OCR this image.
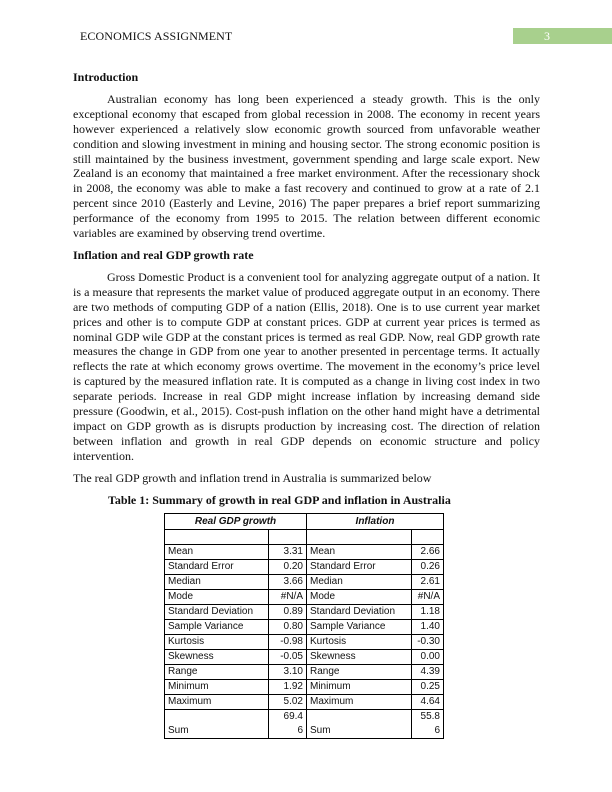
ECONOMICS ASSIGNMENT	3
Introduction

Australian economy has long been experienced a steady growth. This is the only exceptional economy that escaped from global recession in 2008. The economy in recent years however experienced a relatively slow economic growth sourced from unfavorable weather condition and slowing investment in mining and housing sector. The strong economic position is still maintained by the business investment, government spending and large scale export. New Zealand is an economy that maintained a free market environment. After the recessionary shock in 2008, the economy was able to make a fast recovery and continued to grow at a rate of 2.1 percent since 2010 (Easterly and Levine, 2016) The paper prepares a brief report summarizing performance of the economy from 1995 to 2015. The relation between different economic variables are examined by observing trend overtime.

Inflation and real GDP growth rate

Gross Domestic Product is a convenient tool for analyzing aggregate output of a nation. It is a measure that represents the market value of produced aggregate output in an economy. There are two methods of computing GDP of a nation (Ellis, 2018). One is to use current year market prices and other is to compute GDP at constant prices. GDP at current year prices is termed as nominal GDP wile GDP at the constant prices is termed as real GDP. Now, real GDP growth rate measures the change in GDP from one year to another presented in percentage terms. It actually reflects the rate at which economy grows overtime. The movement in the economy’s price level is captured by the measured inflation rate. It is computed as a change in living cost index in two separate periods. Increase in real GDP might increase inflation by increasing demand side pressure (Goodwin, et al., 2015). Cost-push inflation on the other hand might have a detrimental impact on GDP growth as is disrupts production by increasing cost. The direction of relation between inflation and growth in real GDP depends on economic structure and policy intervention.

The real GDP growth and inflation trend in Australia is summarized below

Table 1: Summary of growth in real GDP and inflation in Australia
Real GDP growth		Inflation	

Mean	3.31	Mean	2.66
Standard Error	0.20	Standard Error	0.26
Median	3.66	Median	2.61
Mode	#N/A	Mode	#N/A
Standard Deviation	0.89	Standard Deviation	1.18
Sample Variance	0.80	Sample Variance	1.40
Kurtosis	-0.98	Kurtosis	-0.30
Skewness	-0.05	Skewness	0.00
Range	3.10	Range	4.39
Minimum	1.92	Minimum	0.25
Maximum	5.02	Maximum	4.64
Sum	69.46	Sum	55.86
